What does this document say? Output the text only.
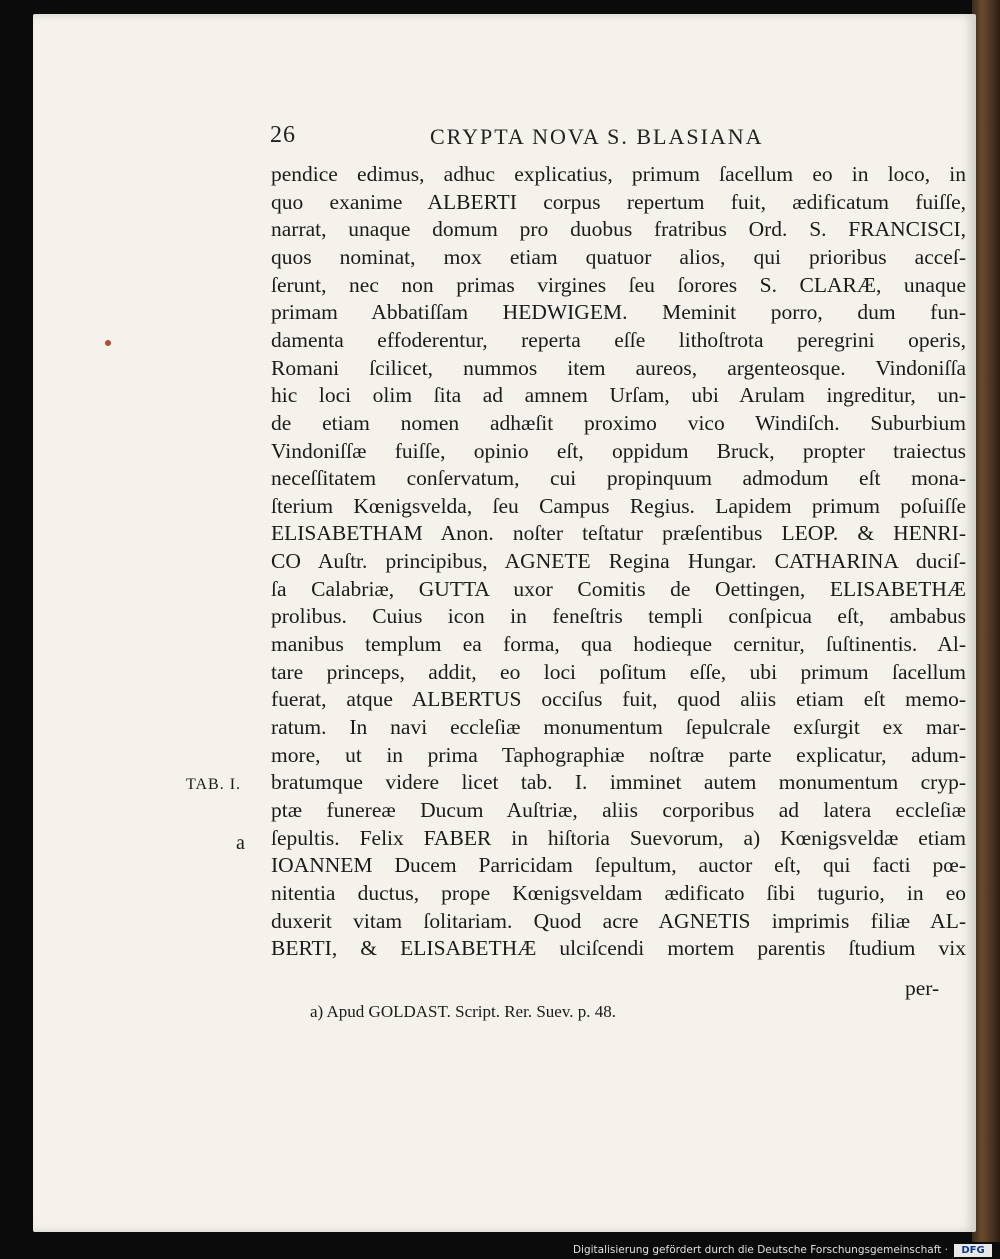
26	CRYPTA NOVA S. BLASIANA
pendice edimus, adhuc explicatius, primum ſacellum eo in loco, in
quo exanime ALBERTI corpus repertum fuit, ædificatum fuiſſe,
narrat, unaque domum pro duobus fratribus Ord. S. FRANCISCI,
quos nominat, mox etiam quatuor alios, qui prioribus acceſ-
ſerunt, nec non primas virgines ſeu ſorores S. CLARÆ, unaque
primam Abbatiſſam HEDWIGEM. Meminit porro, dum fun-
damenta effoderentur, reperta eſſe lithoſtrota peregrini operis,
Romani ſcilicet, nummos item aureos, argenteosque. Vindoniſſa
hic loci olim ſita ad amnem Urſam, ubi Arulam ingreditur, un-
de etiam nomen adhæſit proximo vico Windiſch. Suburbium
Vindoniſſæ fuiſſe, opinio eſt, oppidum Bruck, propter traiectus
neceſſitatem conſervatum, cui propinquum admodum eſt mona-
ſterium Kœnigsvelda, ſeu Campus Regius. Lapidem primum poſuiſſe
ELISABETHAM Anon. noſter teſtatur præſentibus LEOP. & HENRI-
CO Auſtr. principibus, AGNETE Regina Hungar. CATHARINA duciſ-
ſa Calabriæ, GUTTA uxor Comitis de Oettingen, ELISABETHÆ
prolibus. Cuius icon in feneſtris templi conſpicua eſt, ambabus
manibus templum ea forma, qua hodieque cernitur, ſuſtinentis. Al-
tare princeps, addit, eo loci poſitum eſſe, ubi primum ſacellum
fuerat, atque ALBERTUS occiſus fuit, quod aliis etiam eſt memo-
ratum. In navi eccleſiæ monumentum ſepulcrale exſurgit ex mar-
more, ut in prima Taphographiæ noſtræ parte explicatur, adum-
bratumque videre licet tab. I. imminet autem monumentum cryp-
ptæ funereæ Ducum Auſtriæ, aliis corporibus ad latera eccleſiæ
ſepultis. Felix FABER in hiſtoria Suevorum, a) Kœnigsveldæ etiam
IOANNEM Ducem Parricidam ſepultum, auctor eſt, qui facti pœ-
nitentia ductus, prope Kœnigsveldam ædificato ſibi tugurio, in eo
duxerit vitam ſolitariam. Quod acre AGNETIS imprimis filiæ AL-
BERTI, & ELISABETHÆ ulciſcendi mortem parentis ſtudium vix
TAB. I.
a
per-
a) Apud GOLDAST. Script. Rer. Suev. p. 48.
Digitalisierung gefördert durch die Deutsche Forschungsgemeinschaft ·	DFG
